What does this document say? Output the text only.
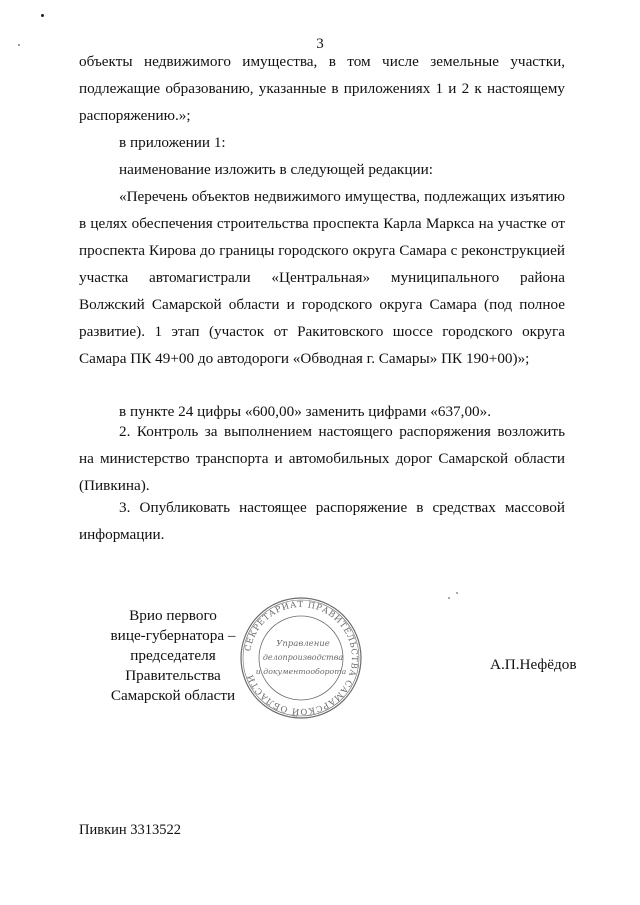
3
объекты недвижимого имущества, в том числе земельные участки, подлежащие образованию, указанные в приложениях 1 и 2 к настоящему распоряжению.»;
в приложении 1:
наименование изложить в следующей редакции:
«Перечень объектов недвижимого имущества, подлежащих изъятию в целях обеспечения строительства проспекта Карла Маркса на участке от проспекта Кирова до границы городского округа Самара с реконструкцией участка автомагистрали «Центральная» муниципального района Волжский Самарской области и городского округа Самара (под полное развитие). 1 этап (участок от Ракитовского шоссе городского округа Самара ПК 49+00 до автодороги «Обводная г. Самары» ПК 190+00)»;
в пункте 24 цифры «600,00» заменить цифрами «637,00».
2. Контроль за выполнением настоящего распоряжения возложить на министерство транспорта и автомобильных дорог Самарской области (Пивкина).
3. Опубликовать настоящее распоряжение в средствах массовой информации.
Врио первого
вице-губернатора –
председателя Правительства
Самарской области
СЕКРЕТАРИАТ ПРАВИТЕЛЬСТВА САМАРСКОЙ ОБЛАСТИ
Управление
делопроизводства
и документооборота	А.П.Нефёдов
Пивкин 3313522
